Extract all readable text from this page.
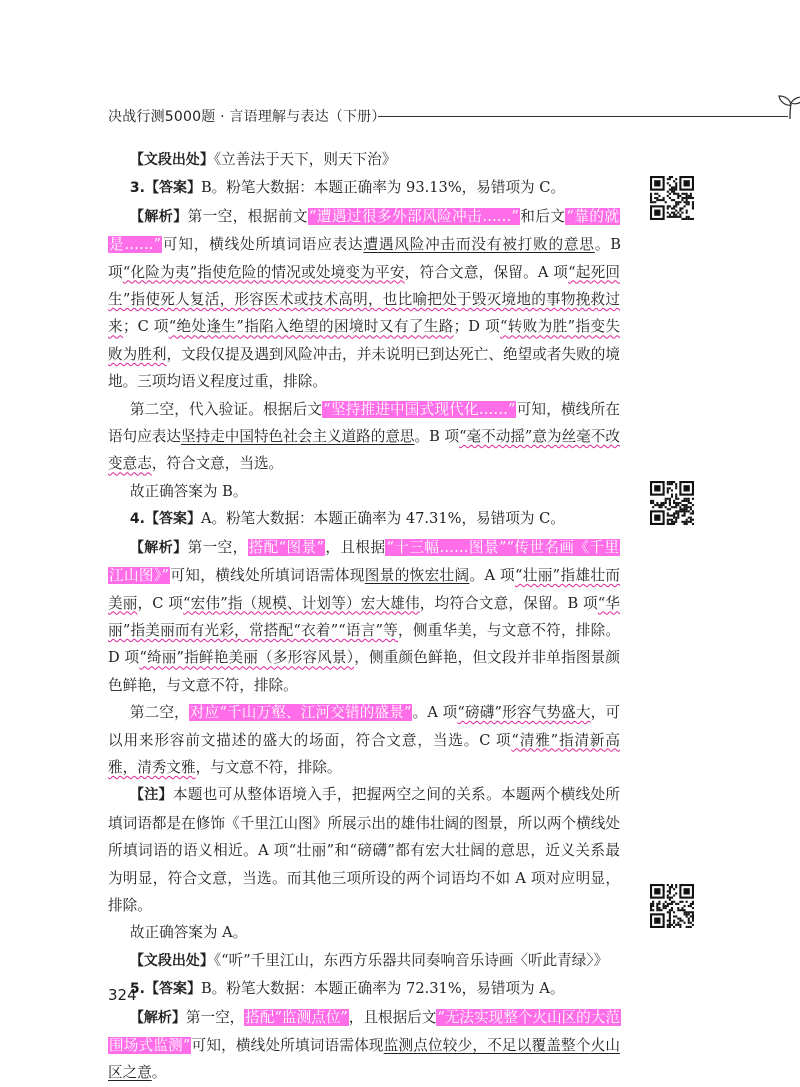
决战行测5000题 · 言语理解与表达（下册）

【文段出处】《立善法于天下，则天下治》

3.【答案】B。粉笔大数据：本题正确率为 93.13%，易错项为 C。

【解析】第一空，根据前文“遭遇过很多外部风险冲击……”和后文“靠的就是……”可知，横线处所填词语应表达遭遇风险冲击而没有被打败的意思。B 项“化险为夷”指使危险的情况或处境变为平安，符合文意，保留。A 项“起死回生”指使死人复活，形容医术或技术高明，也比喻把处于毁灭境地的事物挽救过来；C 项“绝处逢生”指陷入绝望的困境时又有了生路；D 项“转败为胜”指变失败为胜利，文段仅提及遇到风险冲击，并未说明已到达死亡、绝望或者失败的境地。三项均语义程度过重，排除。

第二空，代入验证。根据后文“坚持推进中国式现代化……”可知，横线所在语句应表达坚持走中国特色社会主义道路的意思。B 项“毫不动摇”意为丝毫不改变意志，符合文意，当选。

故正确答案为 B。

4.【答案】A。粉笔大数据：本题正确率为 47.31%，易错项为 C。

【解析】第一空，搭配“图景”，且根据“十三幅……图景”“传世名画《千里江山图》”可知，横线处所填词语需体现图景的恢宏壮阔。A 项“壮丽”指雄壮而美丽，C 项“宏伟”指（规模、计划等）宏大雄伟，均符合文意，保留。B 项“华丽”指美丽而有光彩，常搭配“衣着”“语言”等，侧重华美，与文意不符，排除。D 项“绮丽”指鲜艳美丽（多形容风景），侧重颜色鲜艳，但文段并非单指图景颜色鲜艳，与文意不符，排除。

第二空，对应“千山万壑、江河交错的盛景”。A 项“磅礴”形容气势盛大，可以用来形容前文描述的盛大的场面，符合文意，当选。C 项“清雅”指清新高雅，清秀文雅，与文意不符，排除。

【注】本题也可从整体语境入手，把握两空之间的关系。本题两个横线处所填词语都是在修饰《千里江山图》所展示出的雄伟壮阔的图景，所以两个横线处所填词语的语义相近。A 项“壮丽”和“磅礴”都有宏大壮阔的意思，近义关系最为明显，符合文意，当选。而其他三项所设的两个词语均不如 A 项对应明显，排除。

故正确答案为 A。

【文段出处】《“听”千里江山，东西方乐器共同奏响音乐诗画〈听此青绿〉》

5.【答案】B。粉笔大数据：本题正确率为 72.31%，易错项为 A。

【解析】第一空，搭配“监测点位”，且根据后文“无法实现整个火山区的大范围场式监测”可知，横线处所填词语需体现监测点位较少，不足以覆盖整个火山区之意。

324
